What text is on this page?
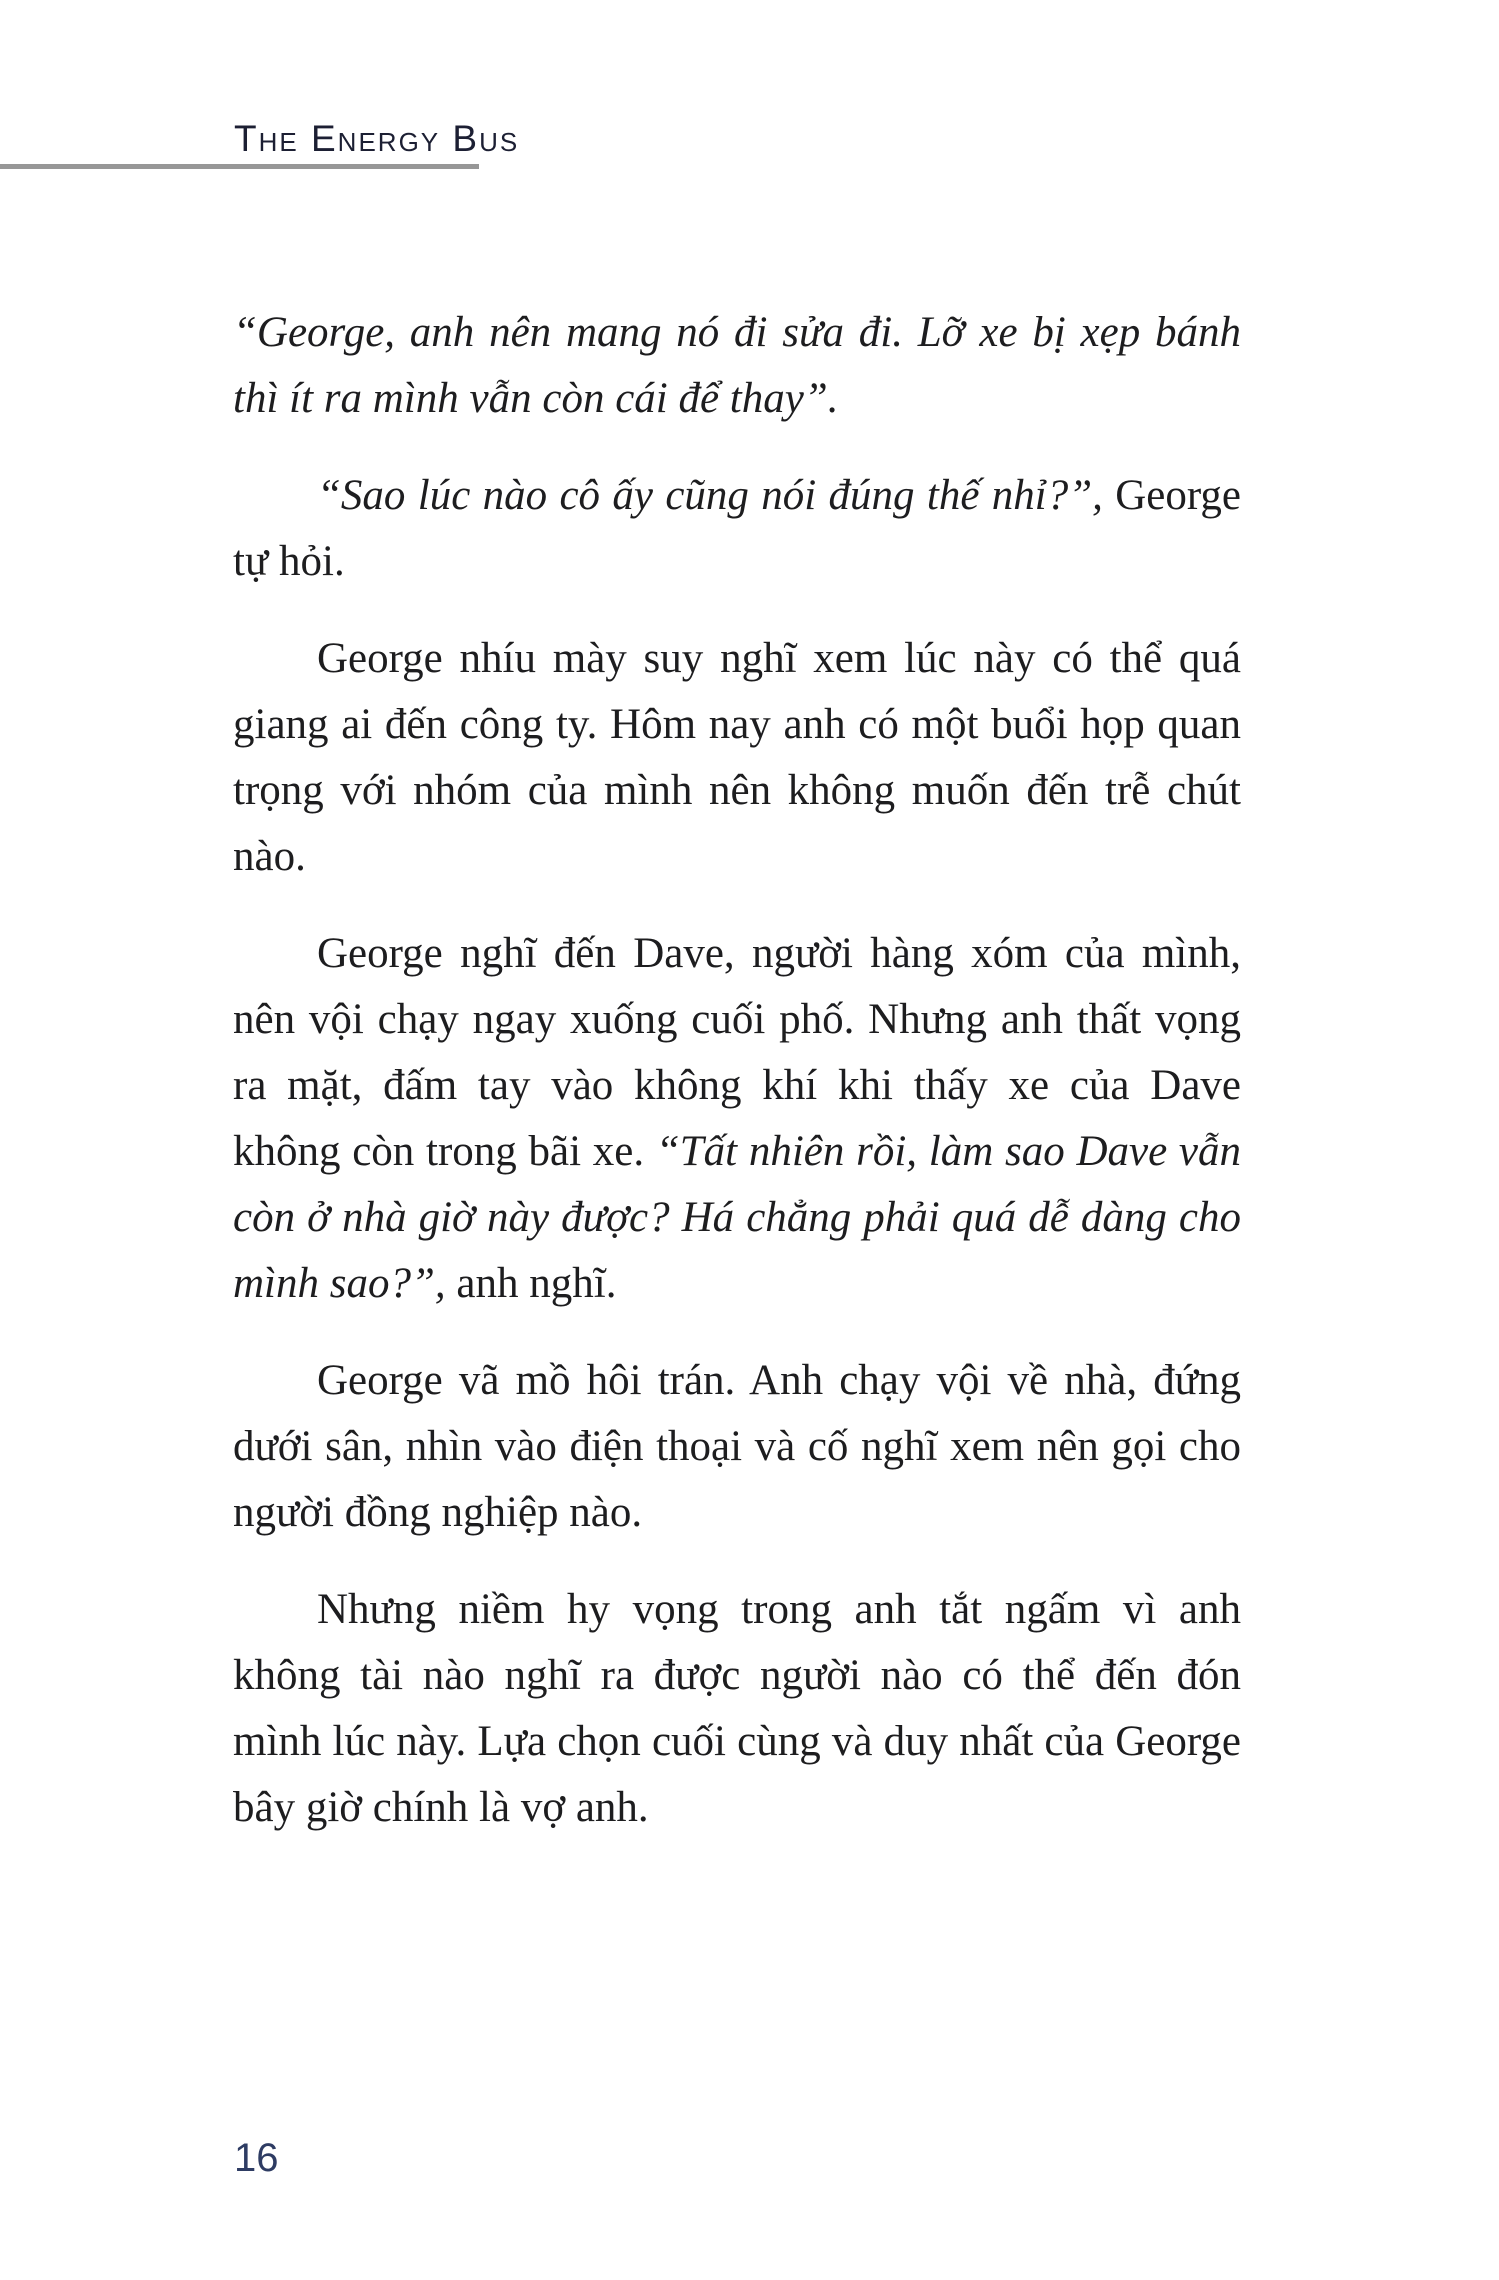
The Energy Bus

“George, anh nên mang nó đi sửa đi. Lỡ xe bị xẹp bánh thì ít ra mình vẫn còn cái để thay”.

“Sao lúc nào cô ấy cũng nói đúng thế nhỉ?”, George tự hỏi.

George nhíu mày suy nghĩ xem lúc này có thể quá giang ai đến công ty. Hôm nay anh có một buổi họp quan trọng với nhóm của mình nên không muốn đến trễ chút nào.

George nghĩ đến Dave, người hàng xóm của mình, nên vội chạy ngay xuống cuối phố. Nhưng anh thất vọng ra mặt, đấm tay vào không khí khi thấy xe của Dave không còn trong bãi xe. “Tất nhiên rồi, làm sao Dave vẫn còn ở nhà giờ này được? Há chẳng phải quá dễ dàng cho mình sao?”, anh nghĩ.

George vã mồ hôi trán. Anh chạy vội về nhà, đứng dưới sân, nhìn vào điện thoại và cố nghĩ xem nên gọi cho người đồng nghiệp nào.

Nhưng niềm hy vọng trong anh tắt ngấm vì anh không tài nào nghĩ ra được người nào có thể đến đón mình lúc này. Lựa chọn cuối cùng và duy nhất của George bây giờ chính là vợ anh.

16
